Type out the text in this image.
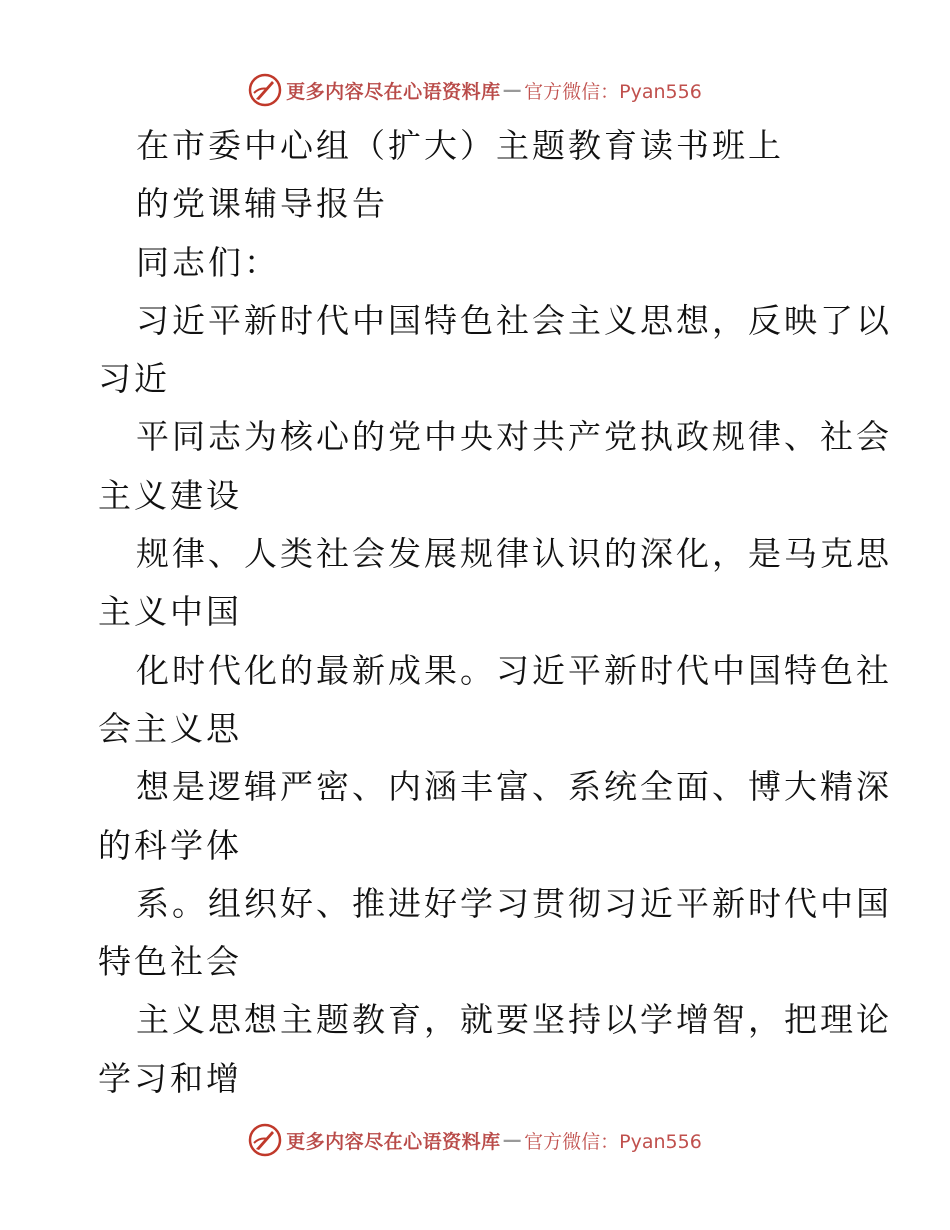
更多内容尽在心语资料库 — 官方微信：Pyan556
在市委中心组（扩大）主题教育读书班上
的党课辅导报告
同志们：
习近平新时代中国特色社会主义思想，反映了以
习近
平同志为核心的党中央对共产党执政规律、社会
主义建设
规律、人类社会发展规律认识的深化，是马克思
主义中国
化时代化的最新成果。习近平新时代中国特色社
会主义思
想是逻辑严密、内涵丰富、系统全面、博大精深
的科学体
系。组织好、推进好学习贯彻习近平新时代中国
特色社会
主义思想主题教育，就要坚持以学增智，把理论
学习和增
更多内容尽在心语资料库 — 官方微信：Pyan556
